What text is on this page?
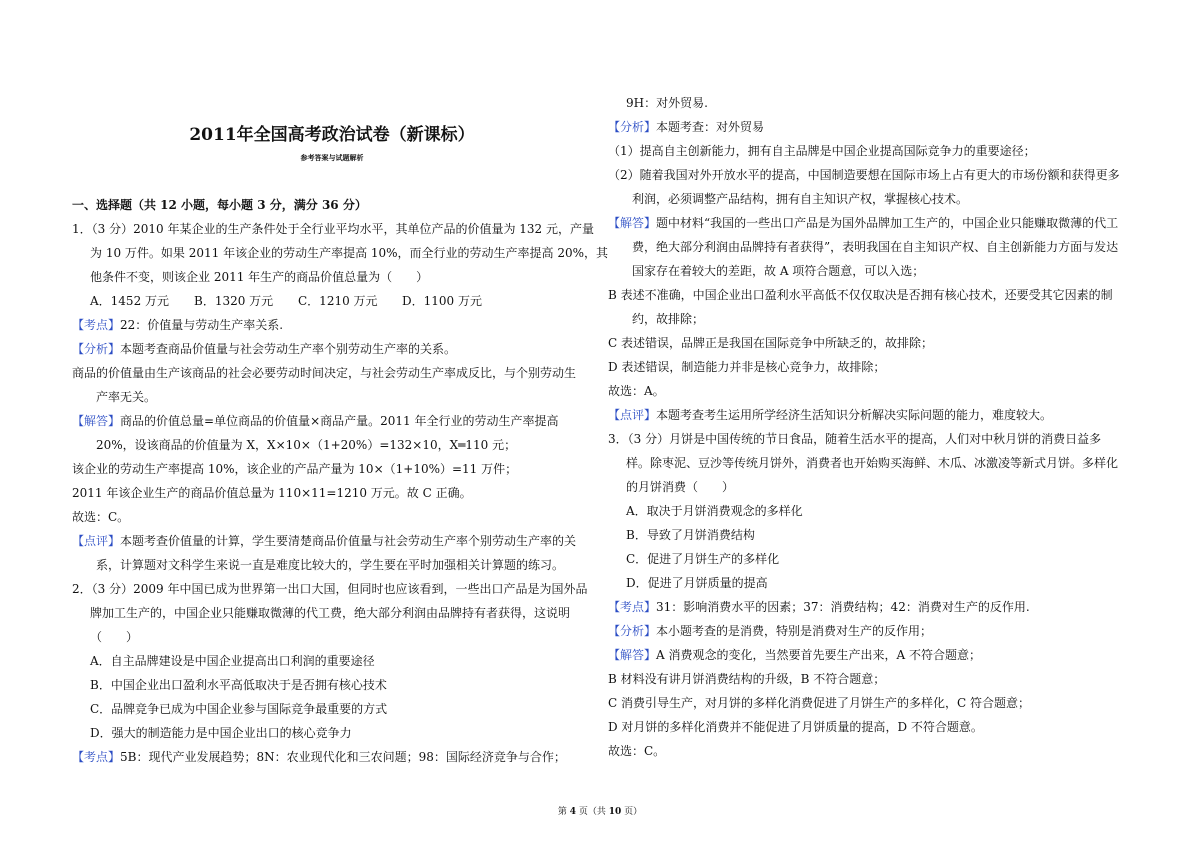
2011年全国高考政治试卷（新课标）
参考答案与试题解析
一、选择题（共 12 小题，每小题 3 分，满分 36 分）
1．（3 分）2010 年某企业的生产条件处于全行业平均水平，其单位产品的价值量为 132 元，产量
为 10 万件。如果 2011 年该企业的劳动生产率提高 10%，而全行业的劳动生产率提高 20%，其
他条件不变，则该企业 2011 年生产的商品价值总量为（　　）
A．1452 万元 B．1320 万元 C．1210 万元 D．1100 万元
【考点】22：价值量与劳动生产率关系.
【分析】本题考查商品价值量与社会劳动生产率个别劳动生产率的关系。
商品的价值量由生产该商品的社会必要劳动时间决定，与社会劳动生产率成反比，与个别劳动生
产率无关。
【解答】商品的价值总量=单位商品的价值量×商品产量。2011 年全行业的劳动生产率提高
20%，设该商品的价值量为 X，X×10×（1+20%）=132×10，X═110 元；
该企业的劳动生产率提高 10%，该企业的产品产量为 10×（1+10%）=11 万件；
2011 年该企业生产的商品价值总量为 110×11=1210 万元。故 C 正确。
故选：C。
【点评】本题考查价值量的计算，学生要清楚商品价值量与社会劳动生产率个别劳动生产率的关
系，计算题对文科学生来说一直是难度比较大的，学生要在平时加强相关计算题的练习。
2．（3 分）2009 年中国已成为世界第一出口大国，但同时也应该看到，一些出口产品是为国外品
牌加工生产的，中国企业只能赚取微薄的代工费，绝大部分利润由品牌持有者获得，这说明
（　　）
A．自主品牌建设是中国企业提高出口利润的重要途径
B．中国企业出口盈利水平高低取决于是否拥有核心技术
C．品牌竞争已成为中国企业参与国际竞争最重要的方式
D．强大的制造能力是中国企业出口的核心竞争力
【考点】5B：现代产业发展趋势；8N：农业现代化和三农问题；98：国际经济竞争与合作；
9H：对外贸易.
【分析】本题考查：对外贸易
（1）提高自主创新能力，拥有自主品牌是中国企业提高国际竞争力的重要途径；
（2）随着我国对外开放水平的提高，中国制造要想在国际市场上占有更大的市场份额和获得更多
利润，必须调整产品结构，拥有自主知识产权，掌握核心技术。
【解答】题中材料“我国的一些出口产品是为国外品牌加工生产的，中国企业只能赚取微薄的代工
费，绝大部分利润由品牌持有者获得”，表明我国在自主知识产权、自主创新能力方面与发达
国家存在着较大的差距，故 A 项符合题意，可以入选；
B 表述不准确，中国企业出口盈利水平高低不仅仅取决是否拥有核心技术，还要受其它因素的制
约，故排除；
C 表述错误，品牌正是我国在国际竞争中所缺乏的，故排除；
D 表述错误，制造能力并非是核心竞争力，故排除；
故选：A。
【点评】本题考查考生运用所学经济生活知识分析解决实际问题的能力，难度较大。
3．（3 分）月饼是中国传统的节日食品，随着生活水平的提高，人们对中秋月饼的消费日益多
样。除枣泥、豆沙等传统月饼外，消费者也开始购买海鲜、木瓜、冰激凌等新式月饼。多样化
的月饼消费（　　）
A．取决于月饼消费观念的多样化
B．导致了月饼消费结构
C．促进了月饼生产的多样化
D．促进了月饼质量的提高
【考点】31：影响消费水平的因素；37：消费结构；42：消费对生产的反作用.
【分析】本小题考查的是消费，特别是消费对生产的反作用；
【解答】A 消费观念的变化，当然要首先要生产出来，A 不符合题意；
B 材料没有讲月饼消费结构的升级，B 不符合题意；
C 消费引导生产，对月饼的多样化消费促进了月饼生产的多样化，C 符合题意；
D 对月饼的多样化消费并不能促进了月饼质量的提高，D 不符合题意。
故选：C。
第 4 页（共 10 页）
